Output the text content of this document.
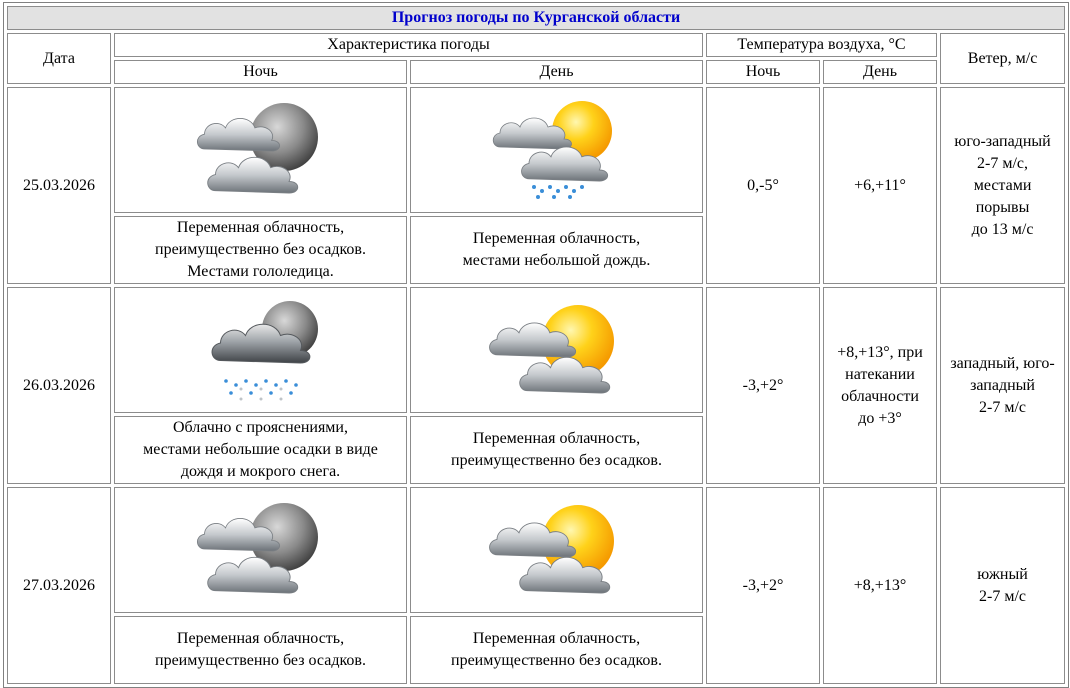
Прогноз погоды по Курганской области					
Дата	Характеристика погоды		Температура воздуха, °С		Ветер, м/с
	Ночь	День	Ночь	День	
25.03.2026			0,-5°	+6,+11°	юго-западный
2-7 м/с,
местами
порывы
до 13 м/с
	Переменная облачность,
преимущественно без осадков.
Местами гололедица.	Переменная облачность,
местами небольшой дождь.			
26.03.2026			-3,+2°	+8,+13°, при
натекании
облачности
до +3°	западный, юго-
западный
2-7 м/с
	Облачно с прояснениями,
местами небольшие осадки в виде
дождя и мокрого снега.	Переменная облачность,
преимущественно без осадков.			
27.03.2026			-3,+2°	+8,+13°	южный
2-7 м/с
	Переменная облачность,
преимущественно без осадков.	Переменная облачность,
преимущественно без осадков.			
